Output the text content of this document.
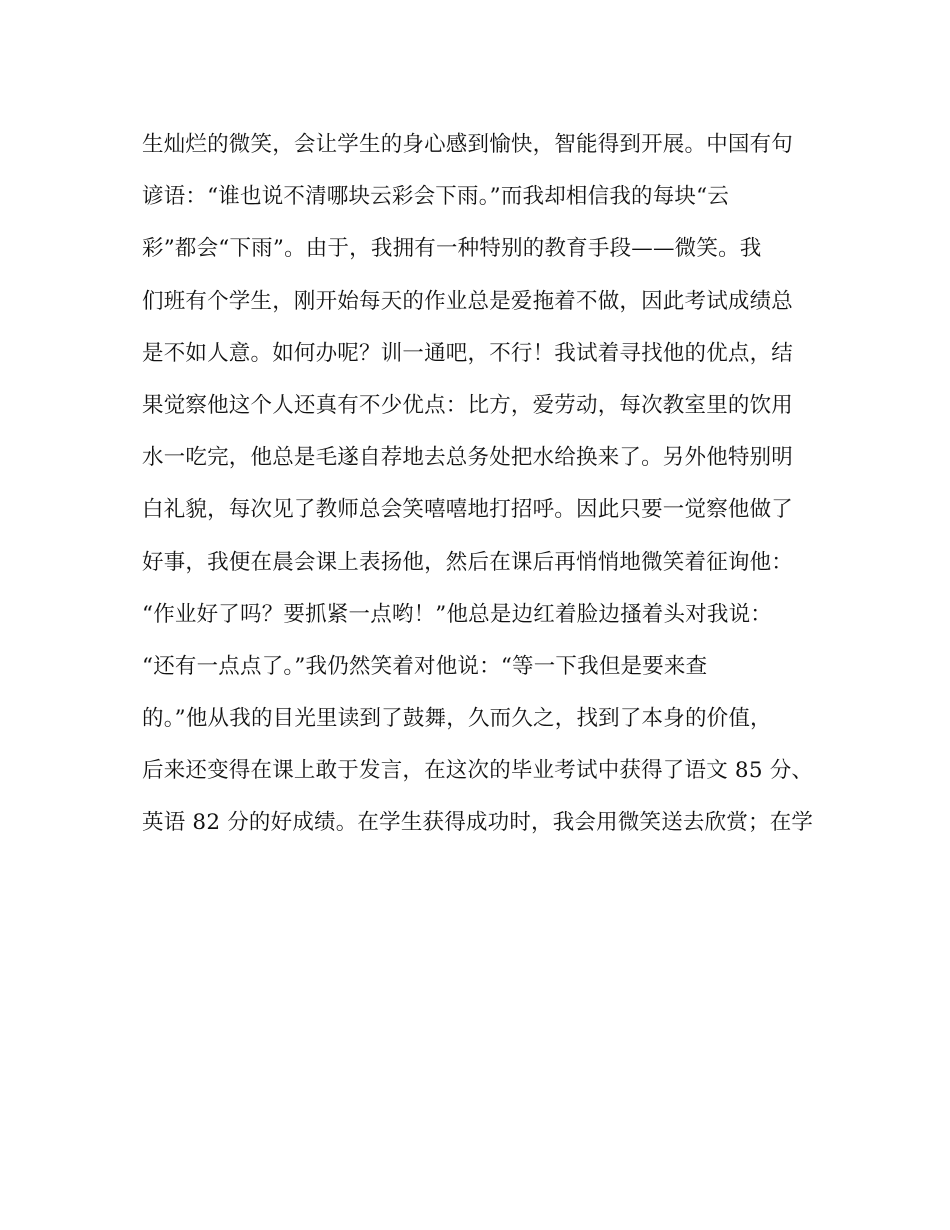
生灿烂的微笑，会让学生的身心感到愉快，智能得到开展。中国有句
谚语：“谁也说不清哪块云彩会下雨。”而我却相信我的每块“云
彩”都会“下雨”。由于，我拥有一种特别的教育手段——微笑。我
们班有个学生，刚开始每天的作业总是爱拖着不做，因此考试成绩总
是不如人意。如何办呢？训一通吧，不行！我试着寻找他的优点，结
果觉察他这个人还真有不少优点：比方，爱劳动，每次教室里的饮用
水一吃完，他总是毛遂自荐地去总务处把水给换来了。另外他特别明
白礼貌，每次见了教师总会笑嘻嘻地打招呼。因此只要一觉察他做了
好事，我便在晨会课上表扬他，然后在课后再悄悄地微笑着征询他：
“作业好了吗？要抓紧一点哟！”他总是边红着脸边搔着头对我说：
“还有一点点了。”我仍然笑着对他说：“等一下我但是要来查
的。”他从我的目光里读到了鼓舞，久而久之，找到了本身的价值，
后来还变得在课上敢于发言，在这次的毕业考试中获得了语文 85 分、
英语 82 分的好成绩。在学生获得成功时，我会用微笑送去欣赏；在学
